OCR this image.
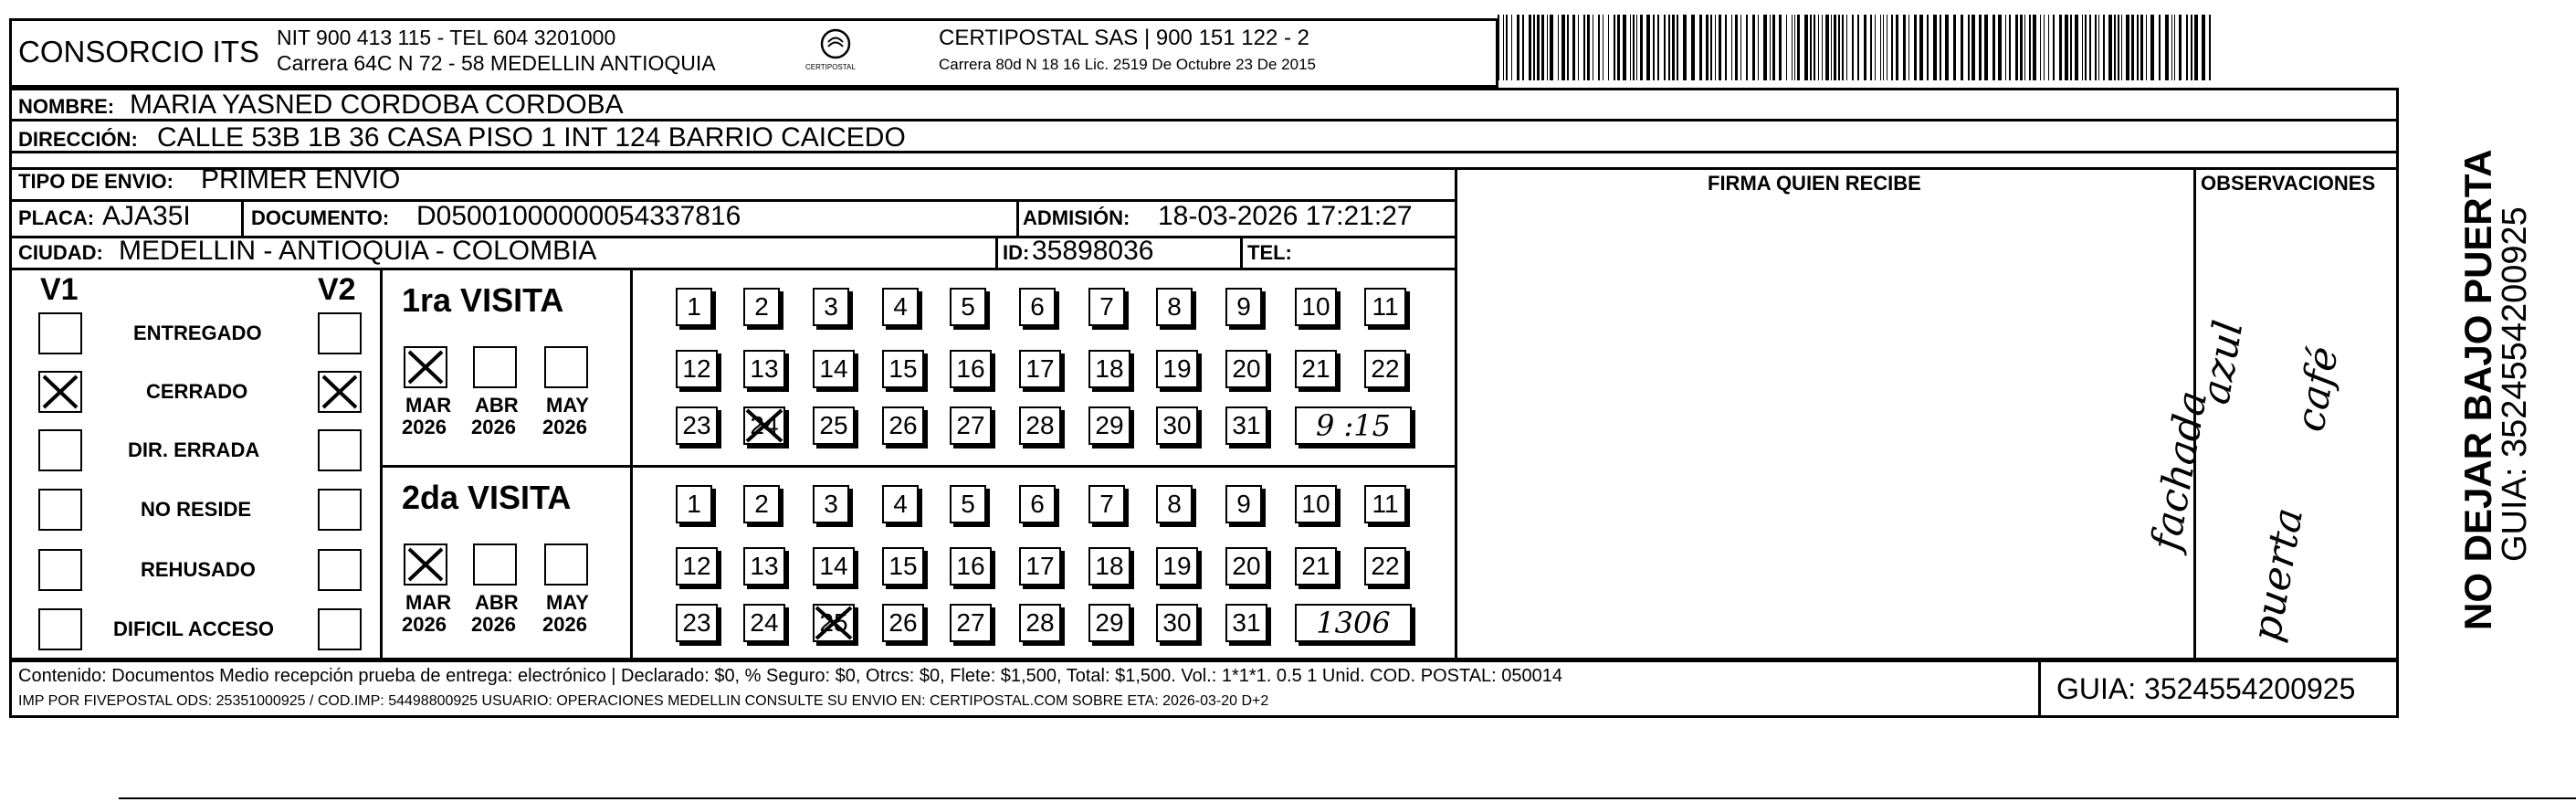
CONSORCIO ITS NIT 900 413 115 - TEL 604 3201000
Carrera 64C N 72 - 58 MEDELLIN ANTIOQUIA	CERTIPOSTAL
CERTIPOSTAL SAS | 900 151 122 - 2
Carrera 80d N 18 16 Lic. 2519 De Octubre 23 De 2015
NOMBRE: MARIA YASNED CORDOBA CORDOBA
DIRECCIÓN: CALLE 53B 1B 36 CASA PISO 1 INT 124 BARRIO CAICEDO
TIPO DE ENVIO: PRIMER ENVIO	FIRMA QUIEN RECIBE	OBSERVACIONES
PLACA: AJA35I	DOCUMENTO: D05001000000054337816	ADMISIÓN: 18-03-2026 17:21:27
CIUDAD: MEDELLIN - ANTIOQUIA - COLOMBIA	ID: 35898036	TEL:
V1	V2
ENTREGADO
CERRADO
DIR. ERRADA
NO RESIDE
REHUSADO
DIFICIL ACCESO
1ra VISITA
MAR
2026
ABR
2026
MAY
2026
1	2	3	4	5	6	7	8	9	10	11
12 13 14 15 16 17 18 19 20 21 22
23 24 25 26 27 28 29 30 31	9 :15
2da VISITA
MAR
2026
ABR
2026
MAY
2026
1	2	3	4	5	6	7	8	9	10	11
12 13 14 15 16 17 18 19 20 21 22
23 24 25 26 27 28 29 30 31	1306
fachada
azul
puerta
café
Contenido: Documentos Medio recepción prueba de entrega: electrónico | Declarado: $0, % Seguro: $0, Otrcs: $0, Flete: $1,500, Total: $1,500. Vol.: 1*1*1. 0.5 1 Unid. COD. POSTAL: 050014
IMP POR FIVEPOSTAL ODS: 25351000925 / COD.IMP: 54498800925 USUARIO: OPERACIONES MEDELLIN CONSULTE SU ENVIO EN: CERTIPOSTAL.COM SOBRE ETA: 2026-03-20 D+2	GUIA: 3524554200925
NO DEJAR BAJO PUERTA
GUIA: 3524554200925
